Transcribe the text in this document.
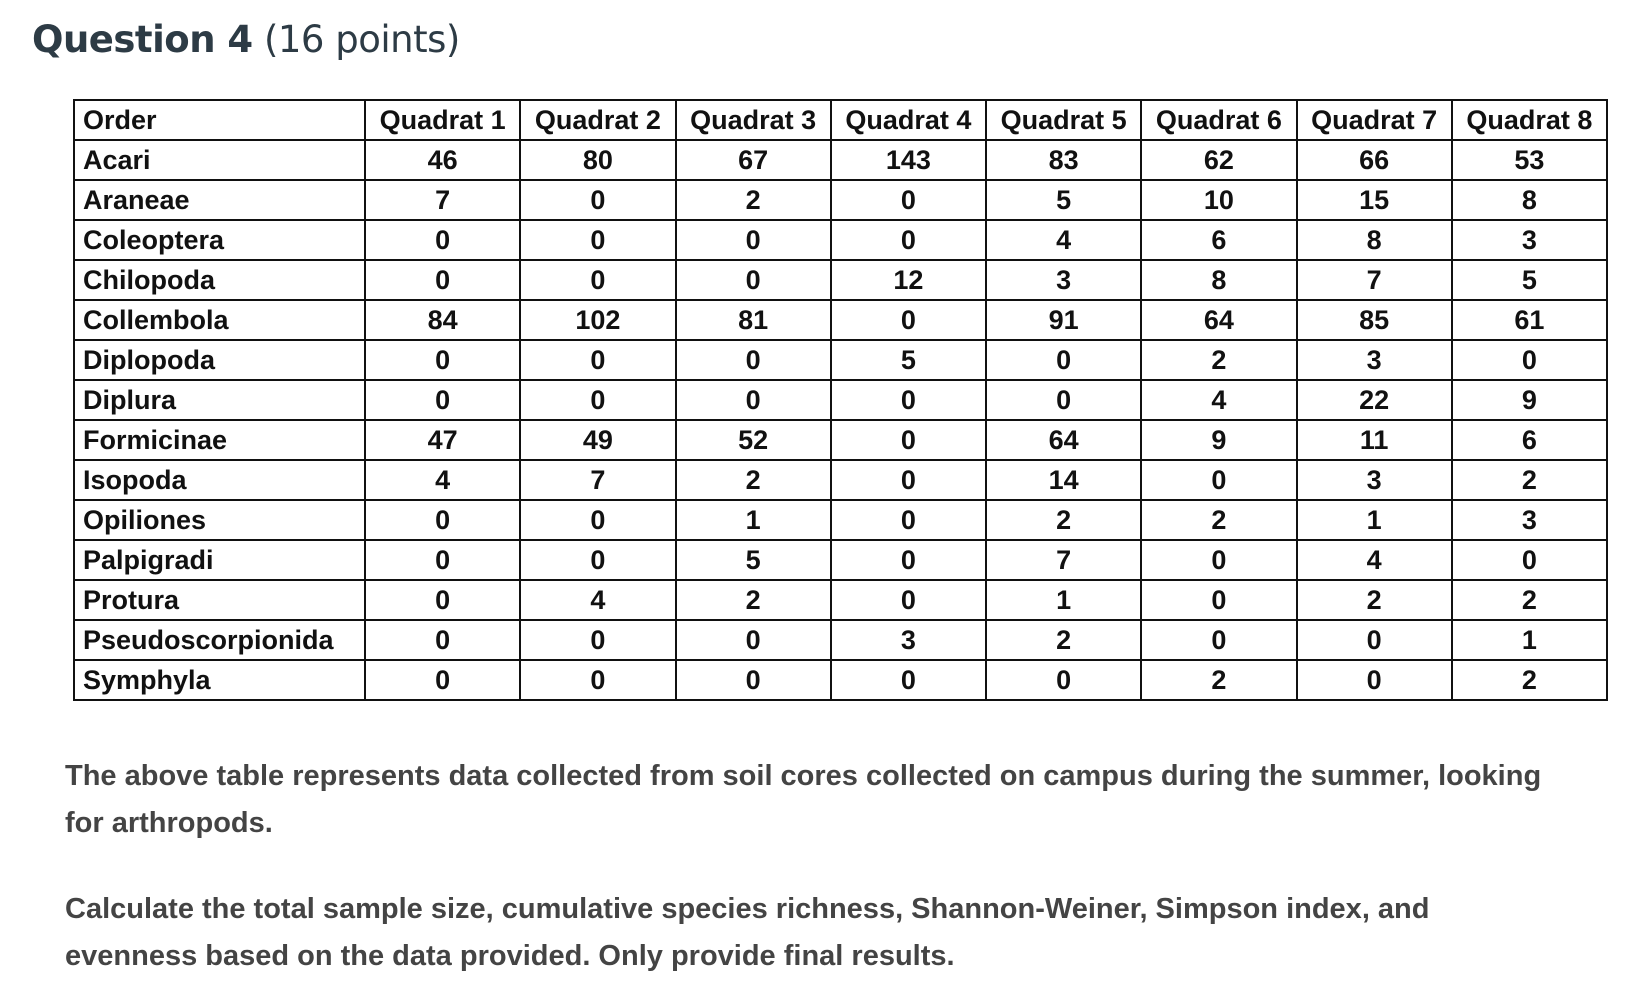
Question 4 (16 points)
Order	Quadrat 1	Quadrat 2	Quadrat 3	Quadrat 4	Quadrat 5	Quadrat 6	Quadrat 7	Quadrat 8
Acari	46	80	67	143	83	62	66	53
Araneae	7	0	2	0	5	10	15	8
Coleoptera	0	0	0	0	4	6	8	3
Chilopoda	0	0	0	12	3	8	7	5
Collembola	84	102	81	0	91	64	85	61
Diplopoda	0	0	0	5	0	2	3	0
Diplura	0	0	0	0	0	4	22	9
Formicinae	47	49	52	0	64	9	11	6
Isopoda	4	7	2	0	14	0	3	2
Opiliones	0	0	1	0	2	2	1	3
Palpigradi	0	0	5	0	7	0	4	0
Protura	0	4	2	0	1	0	2	2
Pseudoscorpionida	0	0	0	3	2	0	0	1
Symphyla	0	0	0	0	0	2	0	2

The above table represents data collected from soil cores collected on campus during the summer, looking for arthropods.

Calculate the total sample size, cumulative species richness, Shannon-Weiner, Simpson index, and evenness based on the data provided. Only provide final results.
